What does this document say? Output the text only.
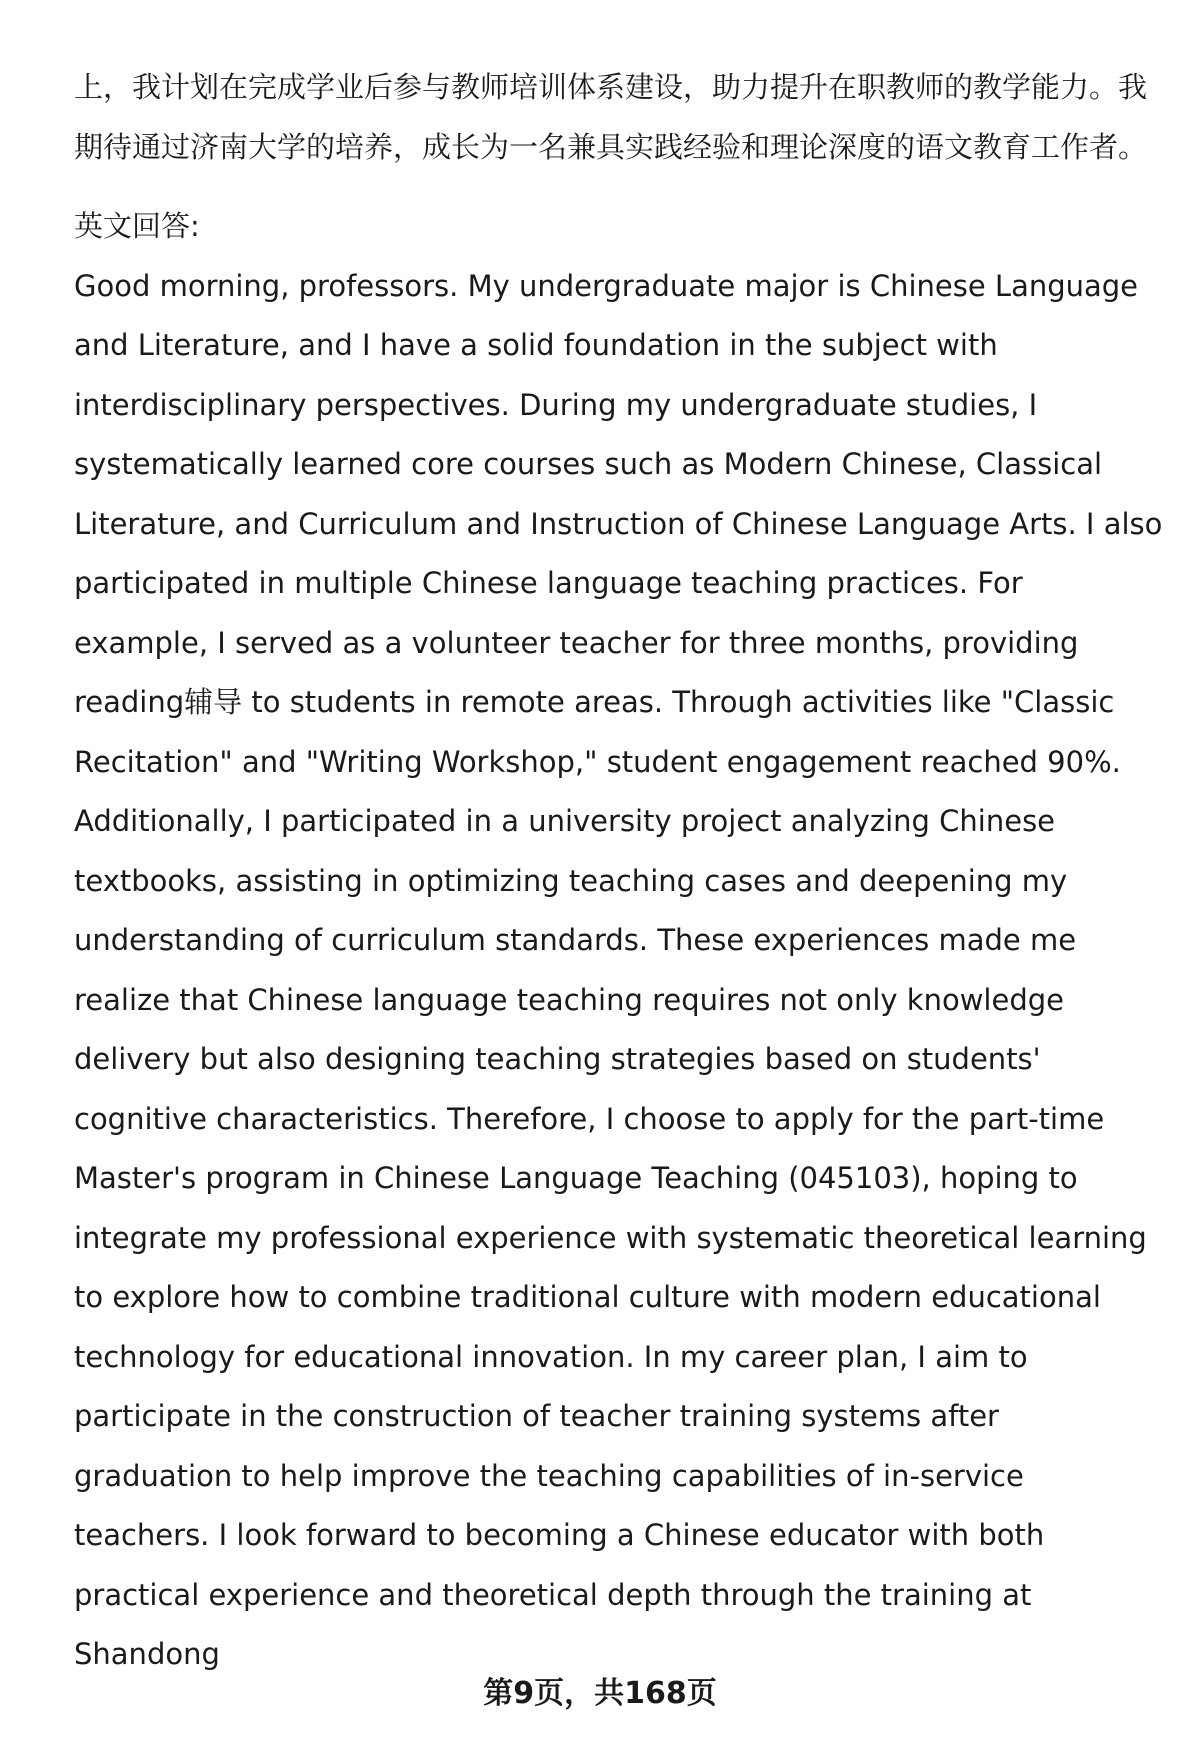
上，我计划在完成学业后参与教师培训体系建设，助力提升在职教师的教学能力。我期待通过济南大学的培养，成长为一名兼具实践经验和理论深度的语文教育工作者。

英文回答:

Good morning, professors. My undergraduate major is Chinese Language and Literature, and I have a solid foundation in the subject with interdisciplinary perspectives. During my undergraduate studies, I systematically learned core courses such as Modern Chinese, Classical Literature, and Curriculum and Instruction of Chinese Language Arts. I also participated in multiple Chinese language teaching practices. For example, I served as a volunteer teacher for three months, providing reading辅导 to students in remote areas. Through activities like "Classic Recitation" and "Writing Workshop," student engagement reached 90%. Additionally, I participated in a university project analyzing Chinese textbooks, assisting in optimizing teaching cases and deepening my understanding of curriculum standards. These experiences made me realize that Chinese language teaching requires not only knowledge delivery but also designing teaching strategies based on students' cognitive characteristics. Therefore, I choose to apply for the part-time Master's program in Chinese Language Teaching (045103), hoping to integrate my professional experience with systematic theoretical learning to explore how to combine traditional culture with modern educational technology for educational innovation. In my career plan, I aim to participate in the construction of teacher training systems after graduation to help improve the teaching capabilities of in-service teachers. I look forward to becoming a Chinese educator with both practical experience and theoretical depth through the training at Shandong

第9页，共168页
